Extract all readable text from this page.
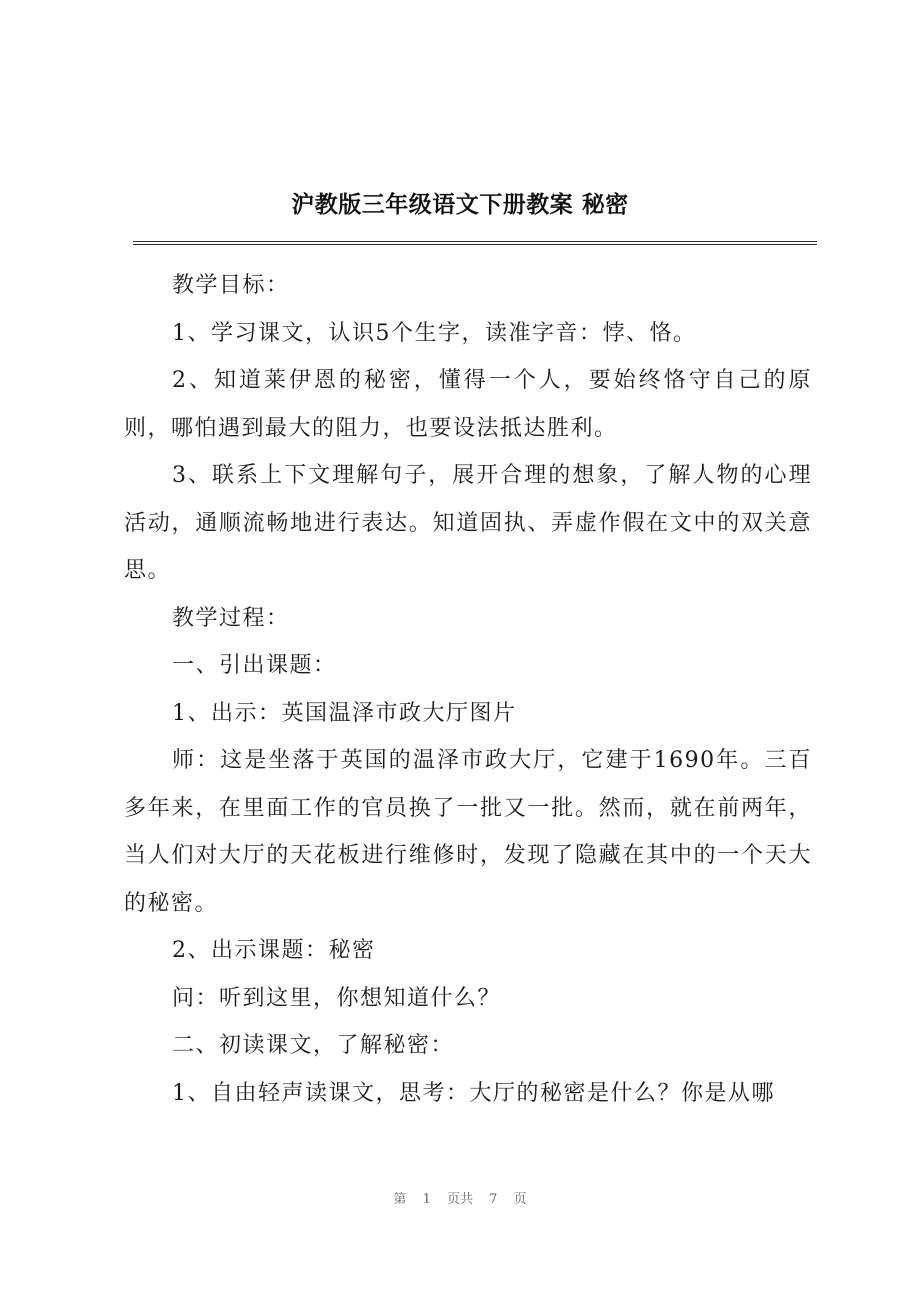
沪教版三年级语文下册教案 秘密

教学目标：

1、学习课文，认识5个生字，读准字音：悖、恪。

2、知道莱伊恩的秘密，懂得一个人，要始终恪守自己的原则，哪怕遇到最大的阻力，也要设法抵达胜利。

3、联系上下文理解句子，展开合理的想象，了解人物的心理活动，通顺流畅地进行表达。知道固执、弄虚作假在文中的双关意思。

教学过程：

一、引出课题：

1、出示：英国温泽市政大厅图片

师：这是坐落于英国的温泽市政大厅，它建于1690年。三百多年来，在里面工作的官员换了一批又一批。然而，就在前两年，当人们对大厅的天花板进行维修时，发现了隐藏在其中的一个天大的秘密。

2、出示课题：秘密

问：听到这里，你想知道什么？

二、初读课文，了解秘密：

1、自由轻声读课文，思考：大厅的秘密是什么？你是从哪

第 1 页共 7 页
